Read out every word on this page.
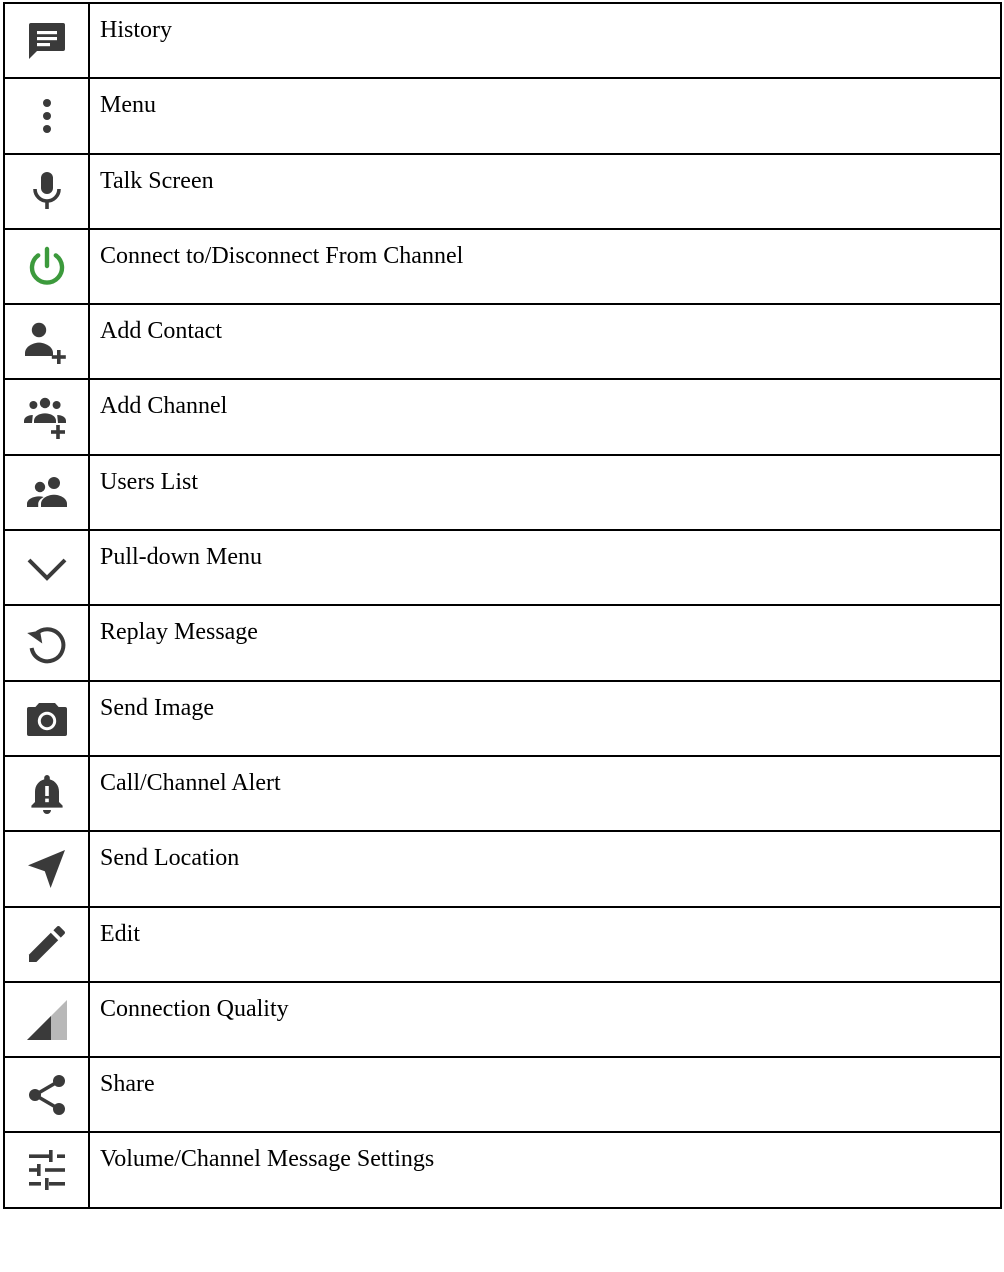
	History

	Menu

	Talk Screen

	Connect to/Disconnect From Channel

	Add Contact

	Add Channel

	Users List

	Pull-down Menu

	Replay Message

	Send Image

	Call/Channel Alert

	Send Location

	Edit

	Connection Quality

	Share

	Volume/Channel Message Settings
